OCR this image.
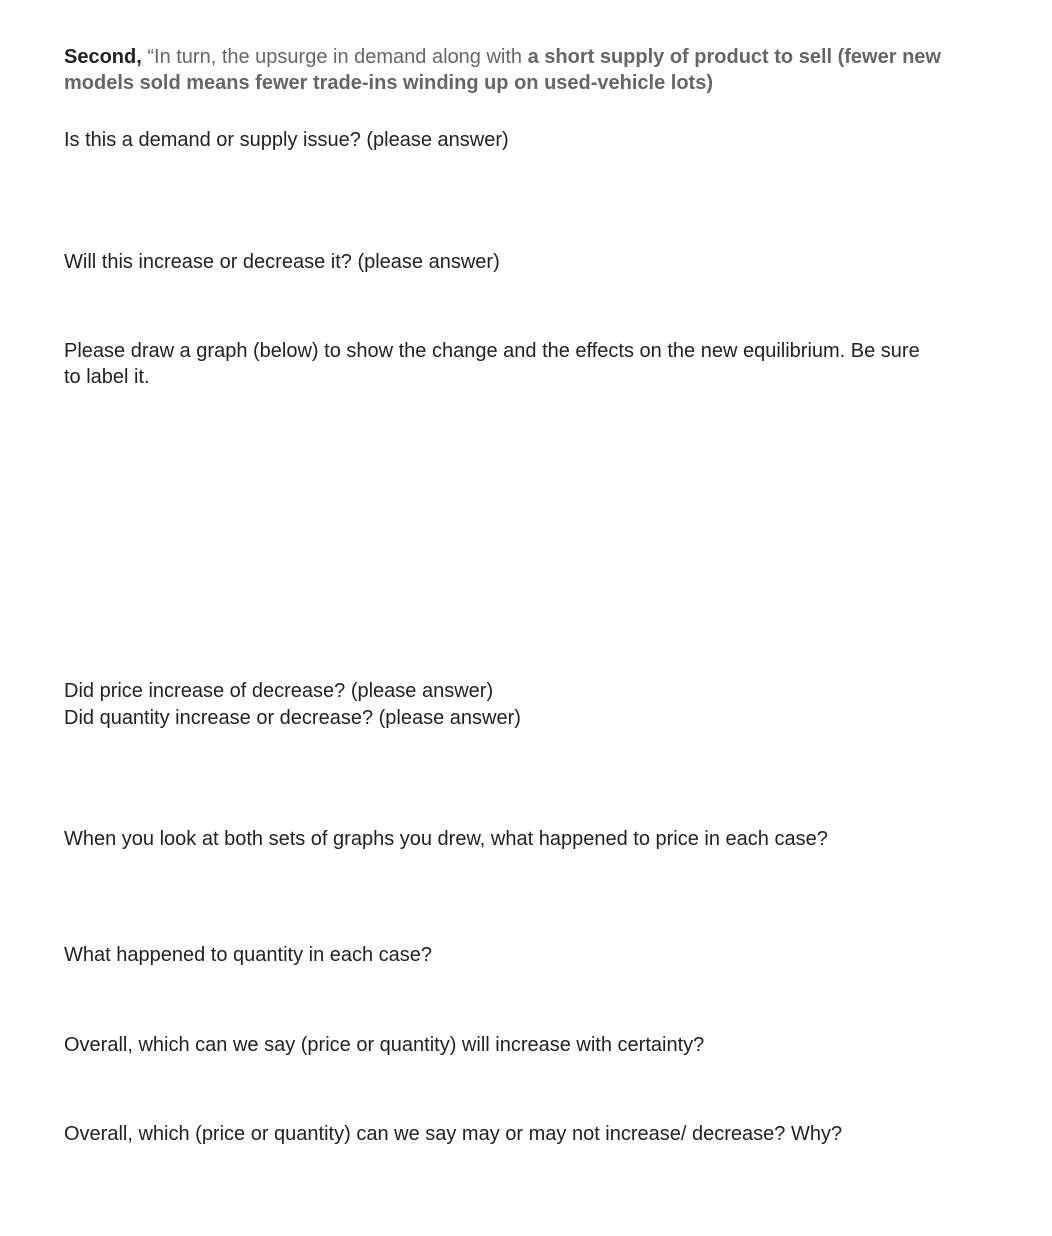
Second, “In turn, the upsurge in demand along with a short supply of product to sell (fewer new models sold means fewer trade-ins winding up on used-vehicle lots)

Is this a demand or supply issue? (please answer)

Will this increase or decrease it? (please answer)

Please draw a graph (below) to show the change and the effects on the new equilibrium. Be sure to label it.

Did price increase of decrease? (please answer)

Did quantity increase or decrease? (please answer)

When you look at both sets of graphs you drew, what happened to price in each case?

What happened to quantity in each case?

Overall, which can we say (price or quantity) will increase with certainty?

Overall, which (price or quantity) can we say may or may not increase/ decrease? Why?
